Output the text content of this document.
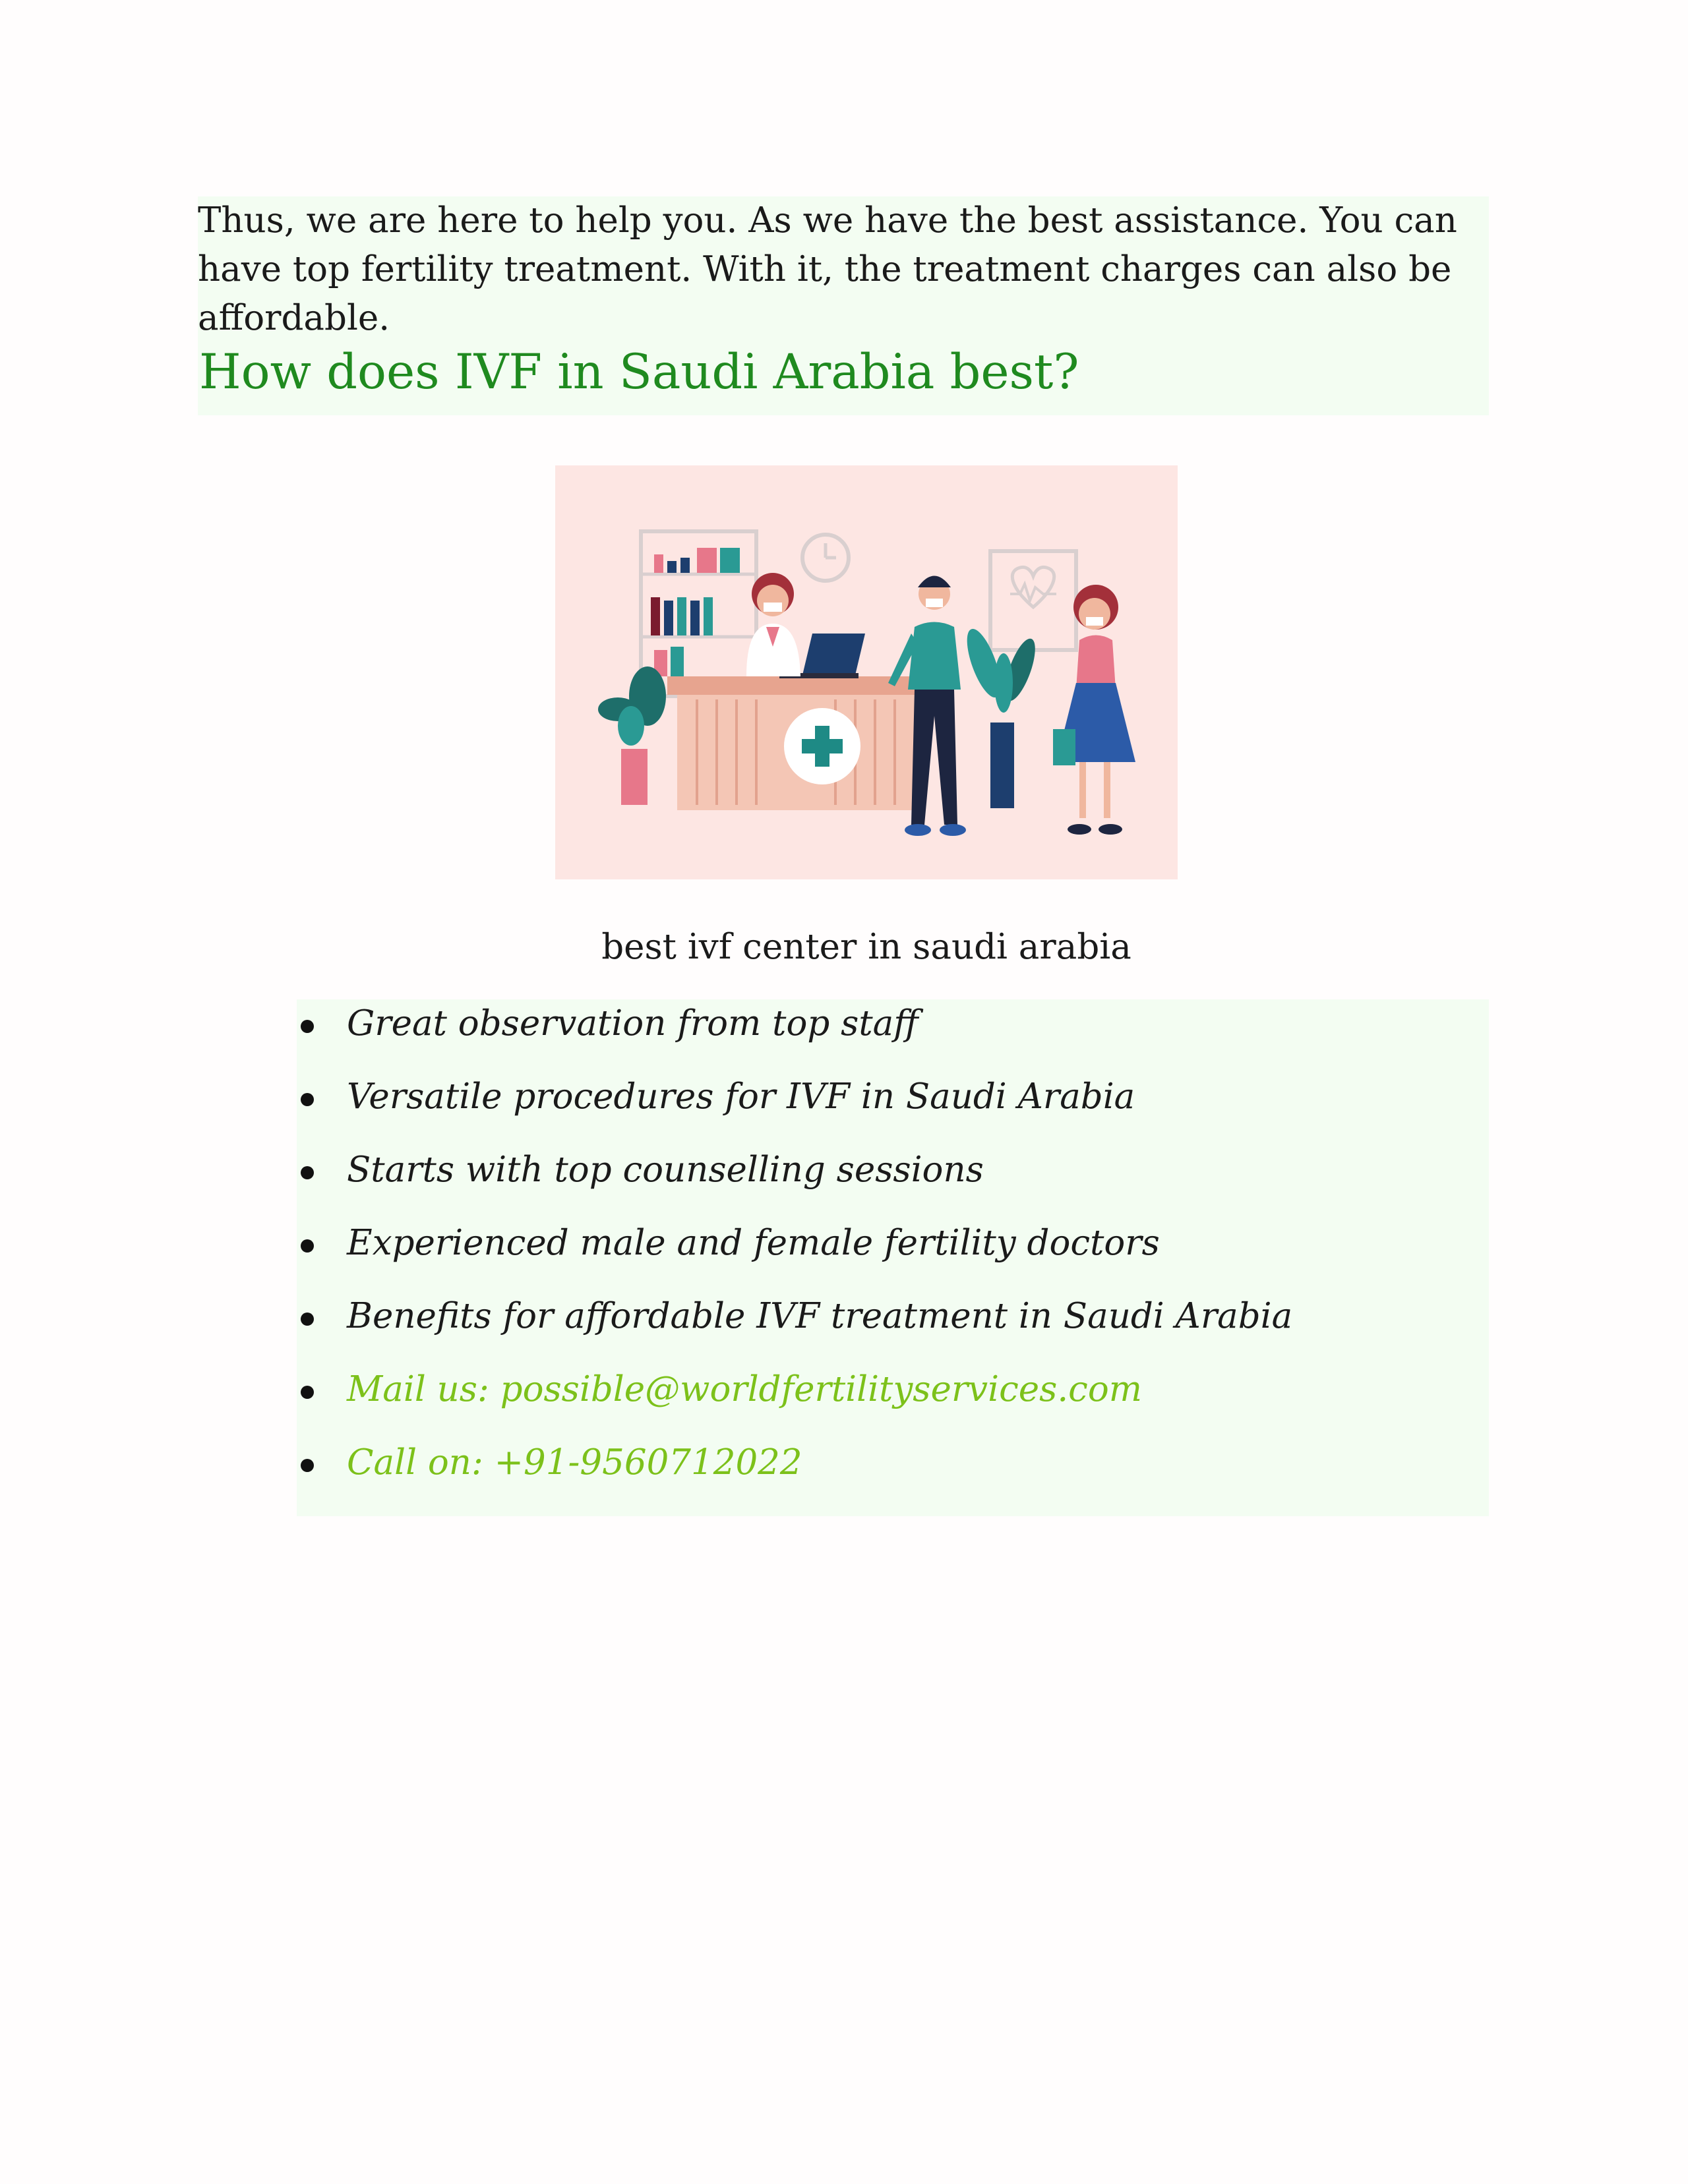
Thus, we are here to help you. As we have the best assistance. You can have top fertility treatment. With it, the treatment charges can also be affordable.

How does IVF in Saudi Arabia best?
best ivf center in saudi arabia
Great observation from top staff
Versatile procedures for IVF in Saudi Arabia
Starts with top counselling sessions
Experienced male and female fertility doctors
Benefits for affordable IVF treatment in Saudi Arabia
Mail us: possible@worldfertilityservices.com
Call on: +91-9560712022
